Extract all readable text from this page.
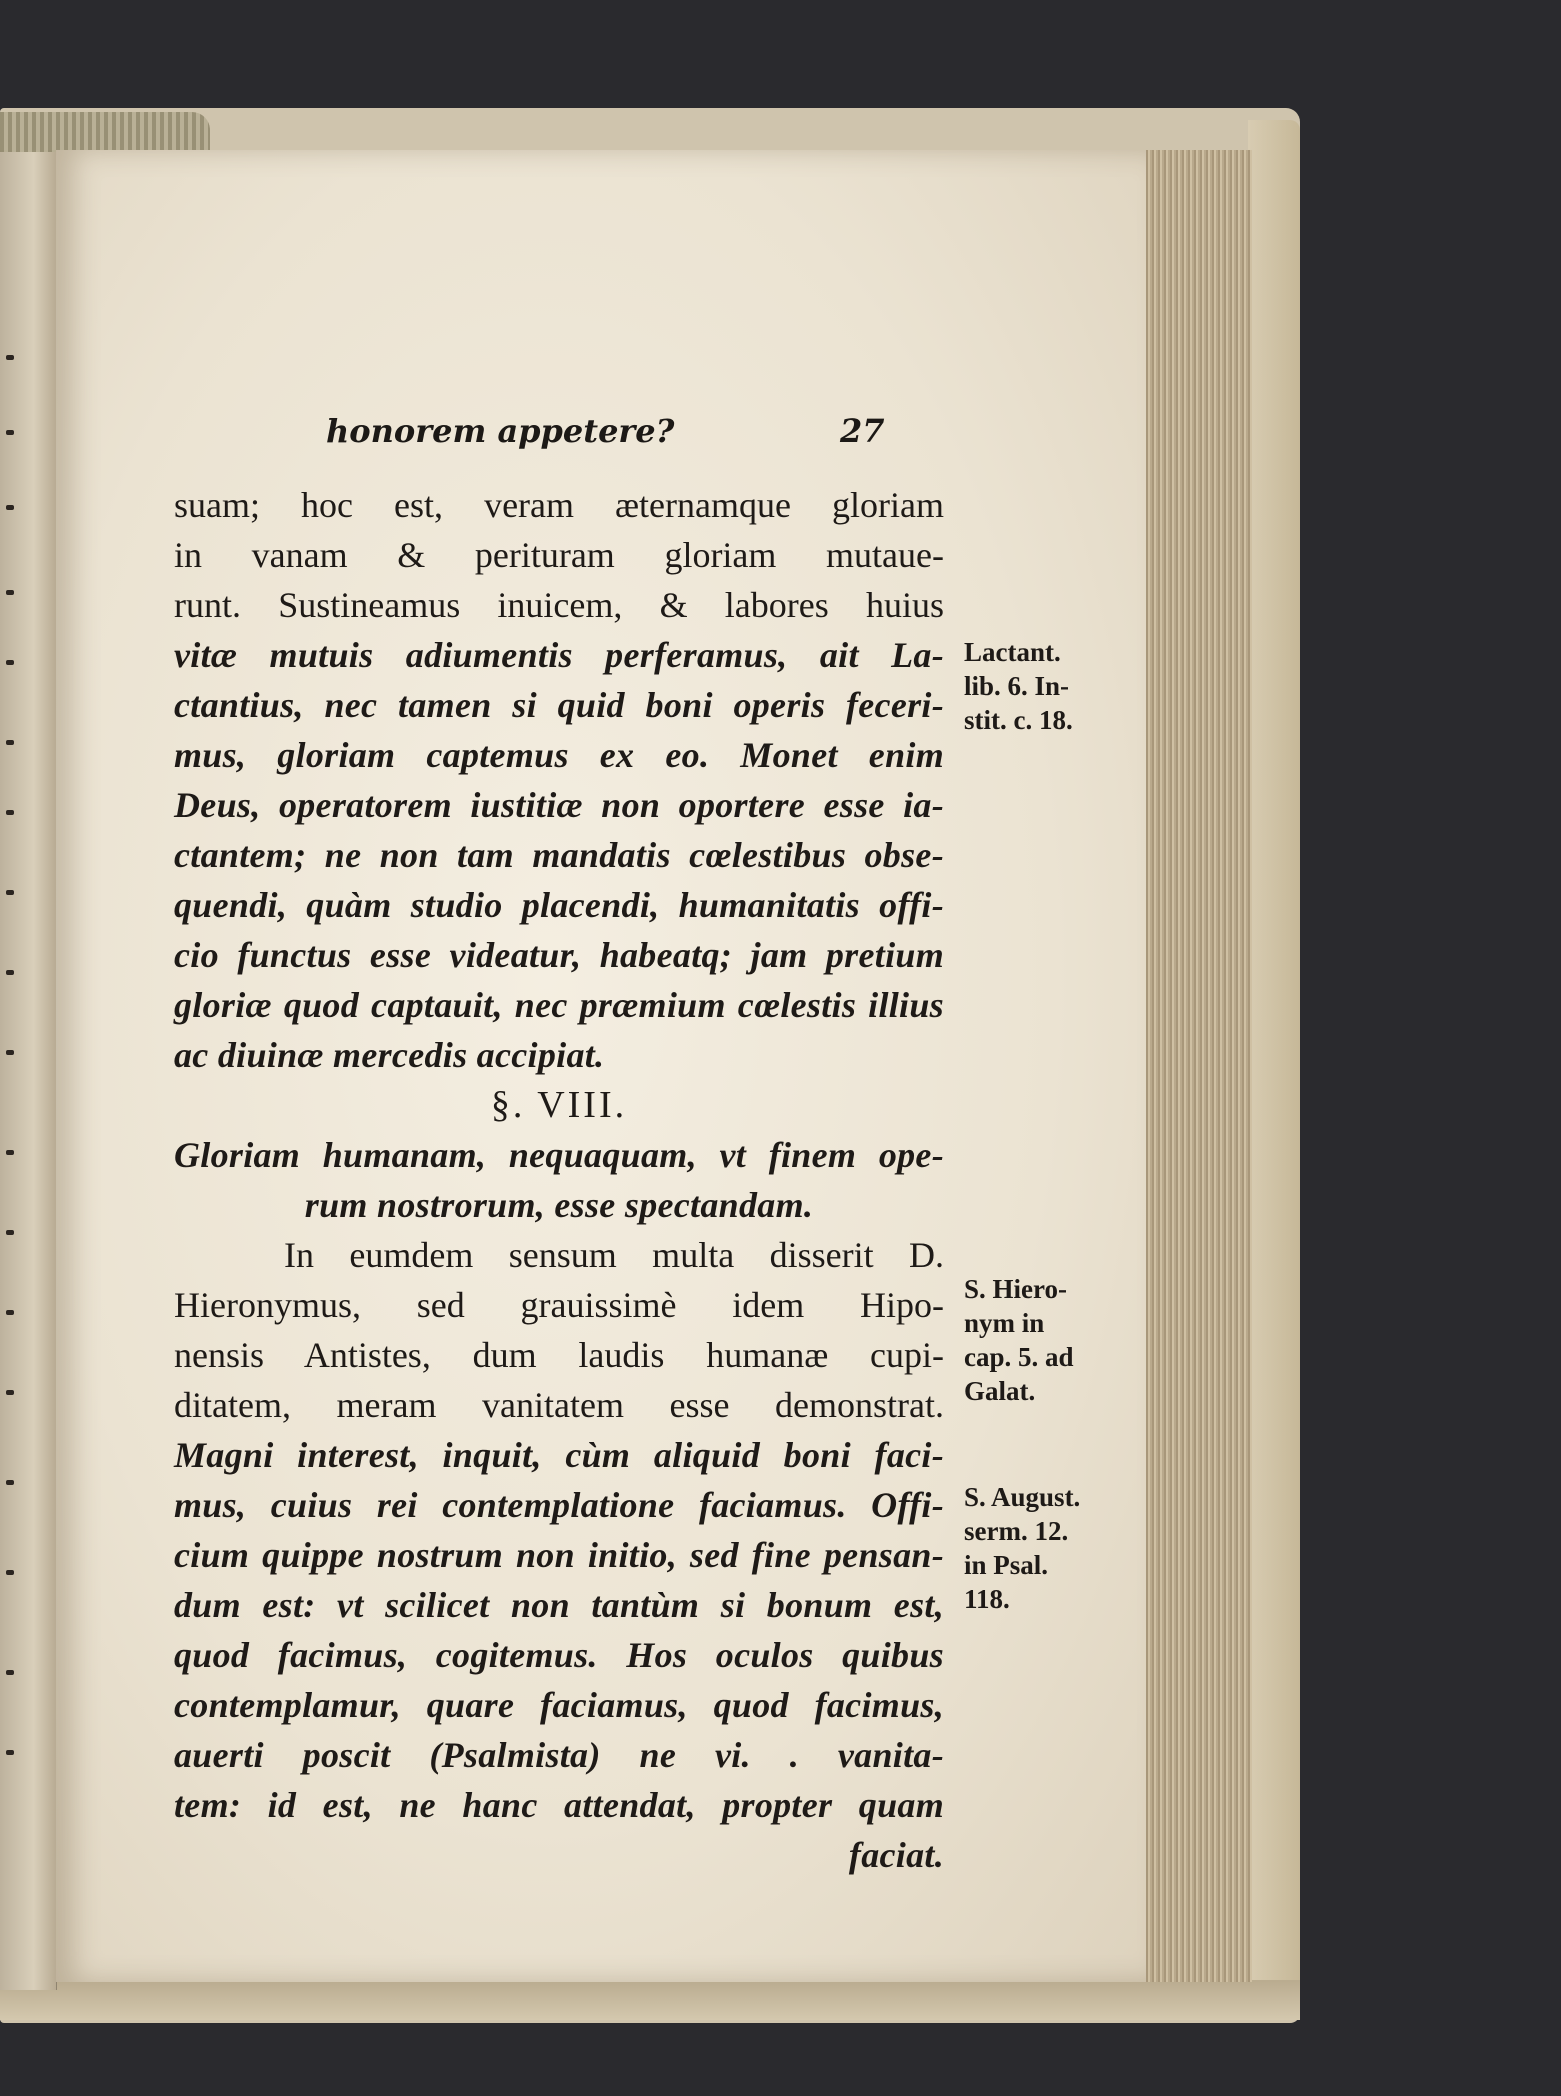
honorem appetere?	27
suam; hoc est, veram æternamque gloriam
in vanam & perituram gloriam mutaue-
runt. Sustineamus inuicem, & labores huius
vitæ mutuis adiumentis perferamus, ait La-
ctantius, nec tamen si quid boni operis feceri-
mus, gloriam captemus ex eo. Monet enim
Deus, operatorem iustitiæ non oportere esse ia-
ctantem; ne non tam mandatis cœlestibus obse-
quendi, quàm studio placendi, humanitatis offi-
cio functus esse videatur, habeatq; jam pretium
gloriæ quod captauit, nec præmium cœlestis illius
ac diuinæ mercedis accipiat.
§. VIII.
Gloriam humanam, nequaquam, vt finem ope-
rum nostrorum, esse spectandam.
In eumdem sensum multa disserit D.
Hieronymus, sed grauissimè idem Hipo-
nensis Antistes, dum laudis humanæ cupi-
ditatem, meram vanitatem esse demonstrat.
Magni interest, inquit, cùm aliquid boni faci-
mus, cuius rei contemplatione faciamus. Offi-
cium quippe nostrum non initio, sed fine pensan-
dum est: vt scilicet non tantùm si bonum est,
quod facimus, cogitemus. Hos oculos quibus
contemplamur, quare faciamus, quod facimus,
auerti poscit (Psalmista) ne vi. . vanita-
tem: id est, ne hanc attendat, propter quam
faciat.
Lactant.
lib. 6. In-
stit. c. 18.
S. Hiero-
nym in
cap. 5. ad
Galat.
S. August.
serm. 12.
in Psal.
118.
